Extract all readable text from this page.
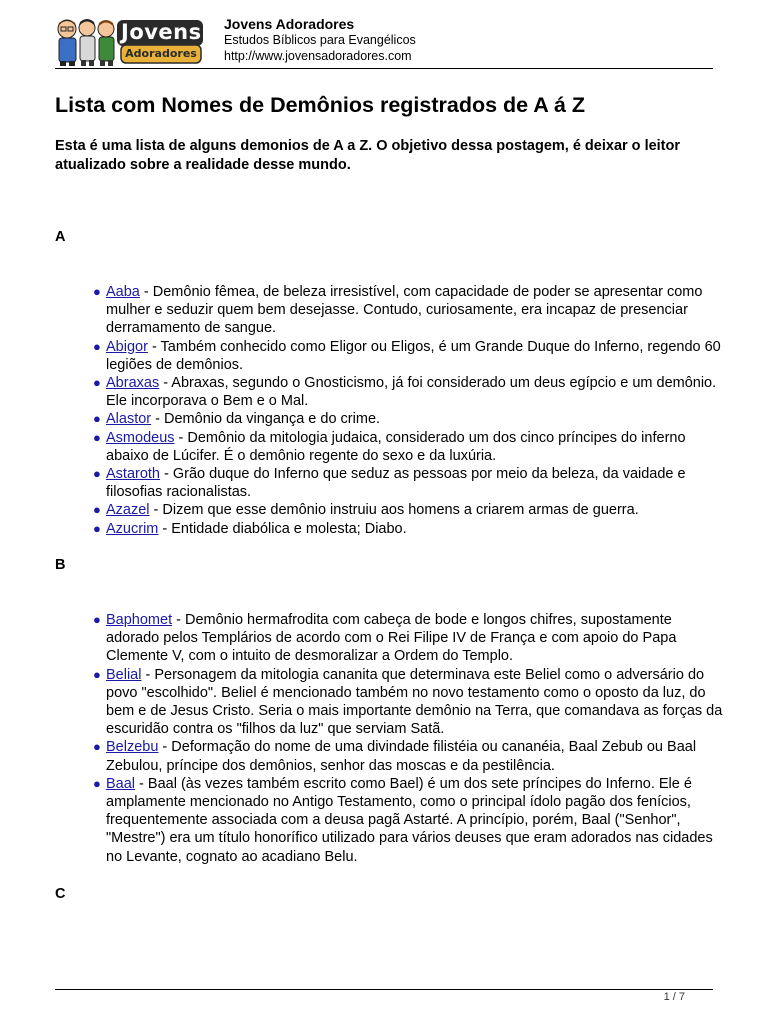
Jovens
Adoradores
Jovens Adoradores
Estudos Bíblicos para Evangélicos
http://www.jovensadoradores.com
Lista com Nomes de Demônios registrados de A á Z

Esta é uma lista de alguns demonios de A a Z. O objetivo dessa postagem, é deixar o leitor atualizado sobre a realidade desse mundo.

A

● Aaba - Demônio fêmea, de beleza irresistível, com capacidade de poder se apresentar como mulher e seduzir quem bem desejasse. Contudo, curiosamente, era incapaz de presenciar derramamento de sangue.
● Abigor - Também conhecido como Eligor ou Eligos, é um Grande Duque do Inferno, regendo 60 legiões de demônios.
● Abraxas - Abraxas, segundo o Gnosticismo, já foi considerado um deus egípcio e um demônio. Ele incorporava o Bem e o Mal.
● Alastor - Demônio da vingança e do crime.
● Asmodeus - Demônio da mitologia judaica, considerado um dos cinco príncipes do inferno abaixo de Lúcifer. É o demônio regente do sexo e da luxúria.
● Astaroth - Grão duque do Inferno que seduz as pessoas por meio da beleza, da vaidade e filosofias racionalistas.
● Azazel - Dizem que esse demônio instruiu aos homens a criarem armas de guerra.
● Azucrim - Entidade diabólica e molesta; Diabo.

B

● Baphomet - Demônio hermafrodita com cabeça de bode e longos chifres, supostamente adorado pelos Templários de acordo com o Rei Filipe IV de França e com apoio do Papa Clemente V, com o intuito de desmoralizar a Ordem do Templo.
● Belial - Personagem da mitologia cananita que determinava este Beliel como o adversário do povo "escolhido". Beliel é mencionado também no novo testamento como o oposto da luz, do bem e de Jesus Cristo. Seria o mais importante demônio na Terra, que comandava as forças da escuridão contra os "filhos da luz" que serviam Satã.
● Belzebu - Deformação do nome de uma divindade filistéia ou cananéia, Baal Zebub ou Baal Zebulou, príncipe dos demônios, senhor das moscas e da pestilência.
● Baal - Baal (às vezes também escrito como Bael) é um dos sete príncipes do Inferno. Ele é amplamente mencionado no Antigo Testamento, como o principal ídolo pagão dos fenícios, frequentemente associada com a deusa pagã Astarté. A princípio, porém, Baal ("Senhor", "Mestre") era um título honorífico utilizado para vários deuses que eram adorados nas cidades no Levante, cognato ao acadiano Belu.

C

1 / 7
